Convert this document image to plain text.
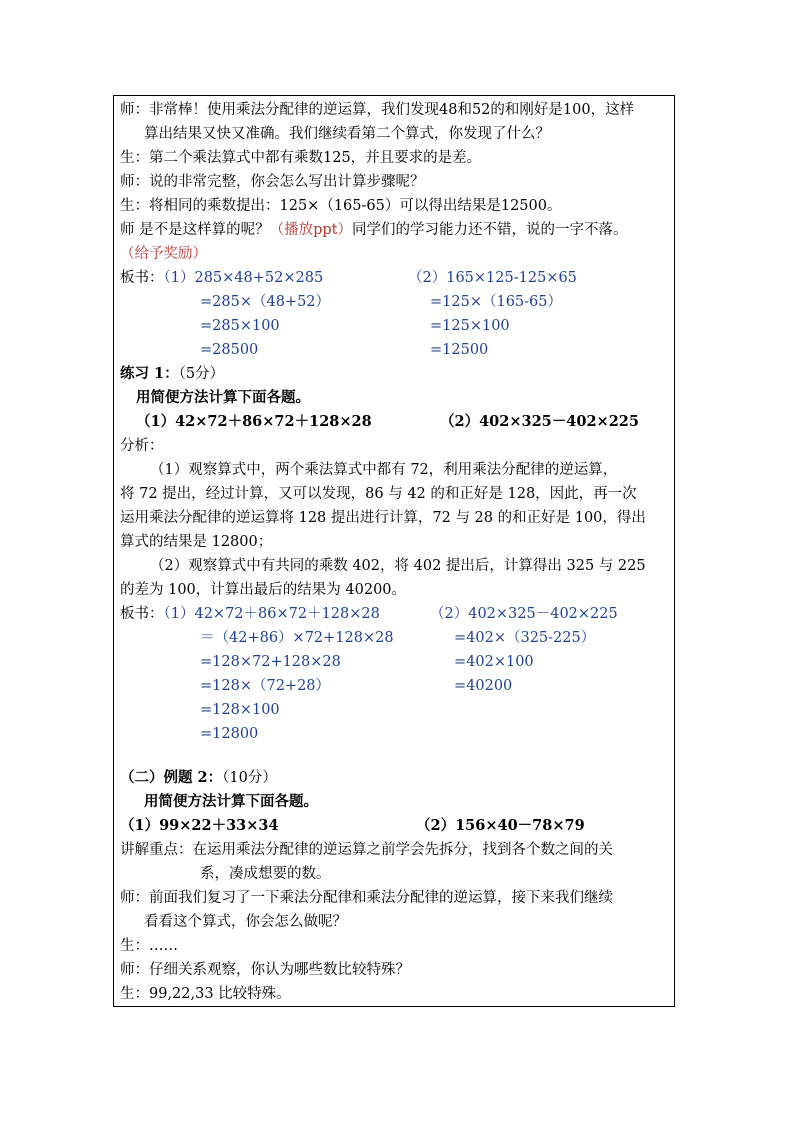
师：非常棒！使用乘法分配律的逆运算，我们发现48和52的和刚好是100，这样
算出结果又快又准确。我们继续看第二个算式，你发现了什么？
生：第二个乘法算式中都有乘数125，并且要求的是差。
师：说的非常完整，你会怎么写出计算步骤呢？
生：将相同的乘数提出：125×（165-65）可以得出结果是12500。
师 是不是这样算的呢？（播放ppt）同学们的学习能力还不错，说的一字不落。
（给予奖励）
板书：（1）285×48+52×285
=285×（48+52）
=285×100
=28500
（2）165×125-125×65
=125×（165-65）
=125×100
=12500
练习 1：（5分）
用简便方法计算下面各题。
（1）42×72＋86×72＋128×28	（2）402×325－402×225
分析：
（1）观察算式中，两个乘法算式中都有 72，利用乘法分配律的逆运算，
将 72 提出，经过计算，又可以发现，86 与 42 的和正好是 128，因此，再一次
运用乘法分配律的逆运算将 128 提出进行计算，72 与 28 的和正好是 100，得出
算式的结果是 12800；
（2）观察算式中有共同的乘数 402，将 402 提出后，计算得出 325 与 225
的差为 100，计算出最后的结果为 40200。
板书：（1）42×72＋86×72＋128×28
＝（42+86）×72+128×28
=128×72+128×28
=128×（72+28）
=128×100
=12800
（2）402×325－402×225
=402×（325-225）
=402×100
=40200
（二）例题 2：（10分）
用简便方法计算下面各题。
（1）99×22＋33×34	（2）156×40－78×79
讲解重点：在运用乘法分配律的逆运算之前学会先拆分，找到各个数之间的关
系，凑成想要的数。
师：前面我们复习了一下乘法分配律和乘法分配律的逆运算，接下来我们继续
看看这个算式，你会怎么做呢？
生：……
师：仔细关系观察，你认为哪些数比较特殊？
生：99,22,33 比较特殊。
